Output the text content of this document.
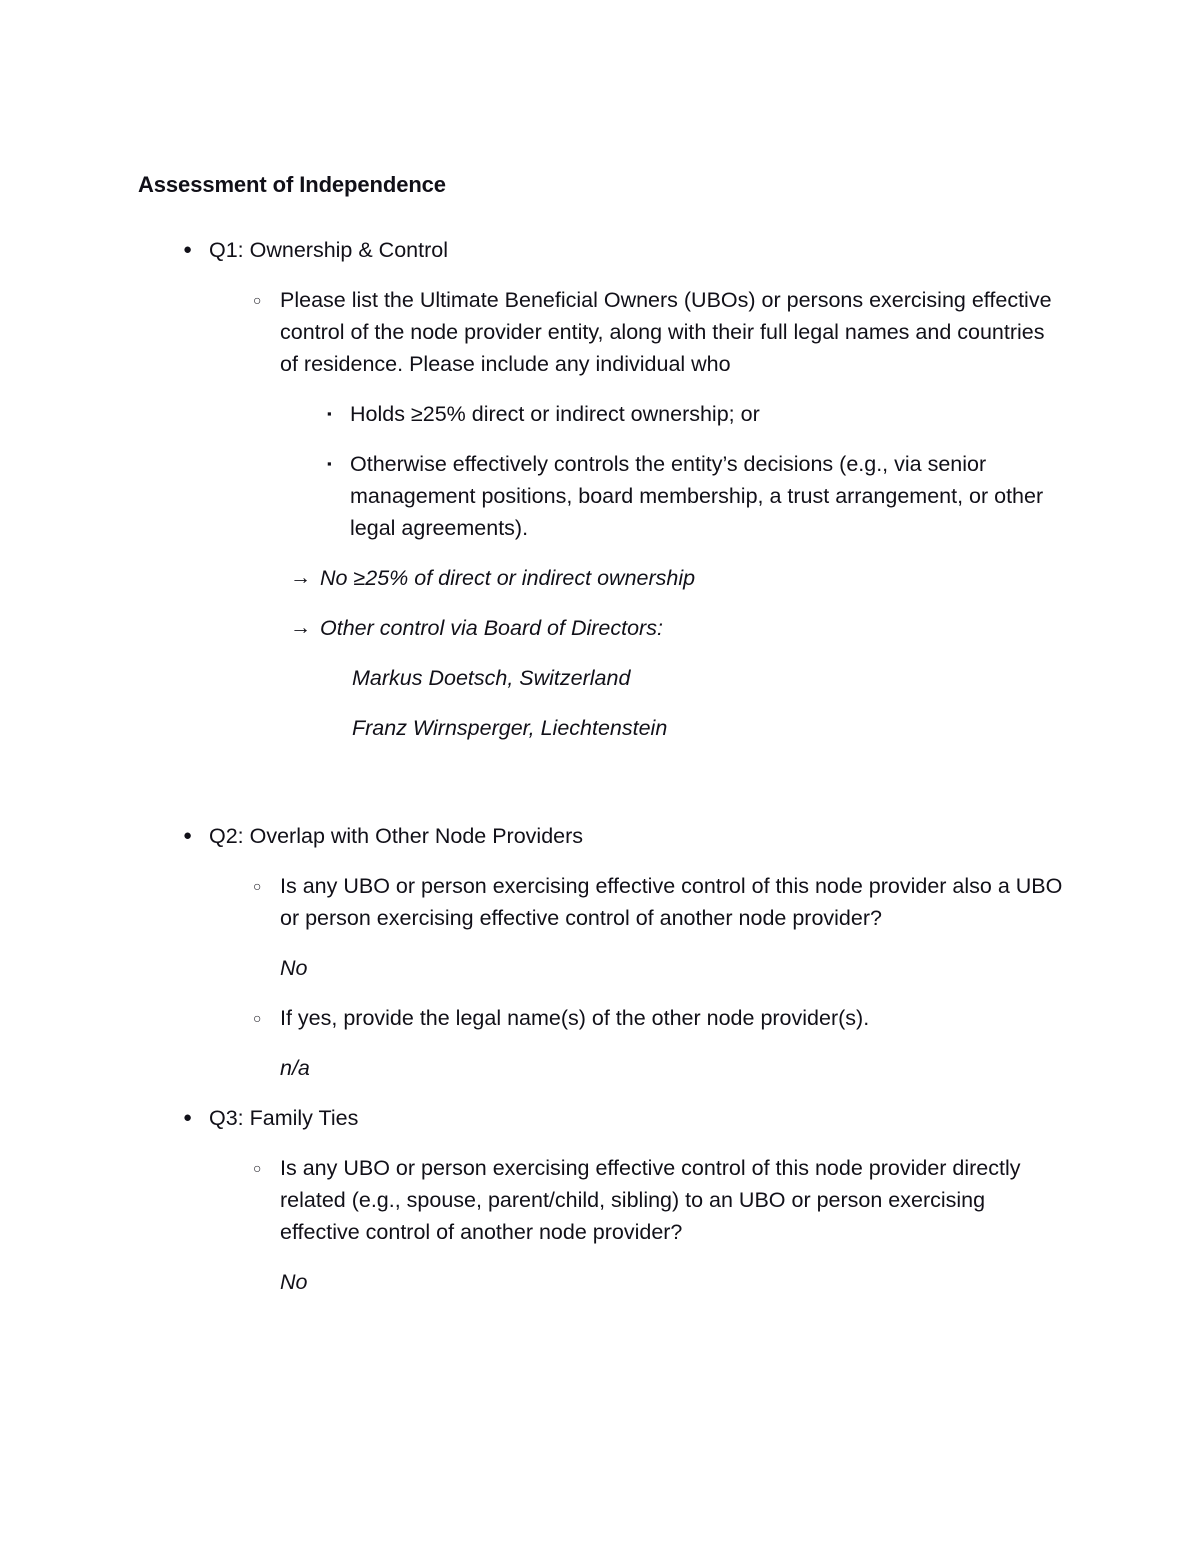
Assessment of Independence
● Q1: Ownership & Control
○ Please list the Ultimate Beneficial Owners (UBOs) or persons exercising effective control of the node provider entity, along with their full legal names and countries of residence. Please include any individual who
▪ Holds ≥25% direct or indirect ownership; or
▪ Otherwise effectively controls the entity’s decisions (e.g., via senior management positions, board membership, a trust arrangement, or other legal agreements).
→ No ≥25% of direct or indirect ownership
→ Other control via Board of Directors:
Markus Doetsch, Switzerland
Franz Wirnsperger, Liechtenstein
● Q2: Overlap with Other Node Providers
○ Is any UBO or person exercising effective control of this node provider also a UBO or person exercising effective control of another node provider?
No
○ If yes, provide the legal name(s) of the other node provider(s).
n/a
● Q3: Family Ties
○ Is any UBO or person exercising effective control of this node provider directly related (e.g., spouse, parent/child, sibling) to an UBO or person exercising effective control of another node provider?
No
